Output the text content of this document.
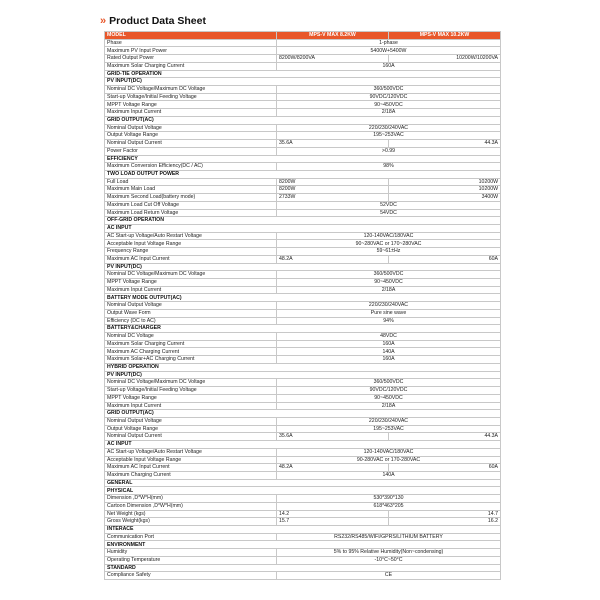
» Product Data Sheet
MODEL	MPS-V MAX 8.2KW	MPS-V MAX 10.2KW
Phase	1-phase	
Maximum PV Input Power	5400W+5400W	
Rated Output Power	8200W/8200VA	10200W/10200VA
Maximum Solar Charging Current	160A	
GRID-TIE OPERATION		
PV INPUT(DC)		
Nominal DC Voltage/Maximum DC Voltage	360/500VDC	
Start-up Voltage/Initial Feeding Voltage	90VDC/120VDC	
MPPT Voltage Range	90~450VDC	
Maximum Input Current	2/18A	
GRID OUTPUT(AC)		
Nominal Output Voltage	220/230/240VAC	
Output Voltage Range	195~253VAC	
Nominal Output Current	35.6A	44.3A
Power Factor	>0.99	
EFFICIENCY		
Maximum Conversion Efficiency(DC / AC)	98%	
TWO LOAD OUTPUT POWER		
Full Load	8200W	10200W
Maximum Main Load	8200W	10200W
Maximum Second Load(battery mode)	2733W	3400W
Maximum Load Cut Off Voltage	52VDC	
Maximum Load Return Voltage	54VDC	
OFF-GRID OPERATION		
AC INPUT		
AC Start-up Voltage/Auto Restart Voltage	120-140VAC/180VAC	
Acceptable Input Voltage Range	90~280VAC or 170~280VAC	
Frequency Range	59~61±Hz	
Maximum AC Input Current	48.2A	60A
PV INPUT(DC)		
Nominal DC Voltage/Maximum DC Voltage	360/500VDC	
MPPT Voltage Range	90~450VDC	
Maximum Input Current	2/18A	
BATTERY MODE OUTPUT(AC)		
Nominal Output Voltage	220/230/240VAC	
Output Wave Form	Pure sine wave	
Efficiency (DC to AC)	94%	
BATTERY&CHARGER		
Nominal DC Voltage	48VDC	
Maximum Solar Charging Current	160A	
Maximum AC Charging Current	140A	
Maximum Solar+AC Charging Current	160A	
HYBRID OPERATION		
PV INPUT(DC)		
Nominal DC Voltage/Maximum DC Voltage	360/500VDC	
Start-up Voltage/Initial Feeding Voltage	90VDC/120VDC	
MPPT Voltage Range	90~450VDC	
Maximum Input Current	2/18A	
GRID OUTPUT(AC)		
Nominal Output Voltage	220/230/240VAC	
Output Voltage Range	195~253VAC	
Nominal Output Current	35.6A	44.3A
AC INPUT		
AC Start-up Voltage/Auto Restart Voltage	120-140VAC/180VAC	
Acceptable Input Voltage Range	90-280VAC or 170-280VAC	
Maximum AC Input Current	48.2A	60A
Maximum Charging Current	140A	
GENERAL		
PHYSICAL		
Dimension ,D*W*H(mm)	530*390*130	
Cartoon Dimension ,D*W*H(mm)	618*463*205	
Net Weight (kgs)	14.2	14.7
Gross Weight(kgs)	15.7	16.2
INTERACE		
Communication Port	RS232/RS485/WIFI/GPRS/LITHIUM BATTERY	
ENVIRONMENT		
Humidity	5% to 95% Relative Humidity(Non~condensing)	
Operating Temperature	-10°C~50°C	
STANDARD		
Compliance Safety	CE	
